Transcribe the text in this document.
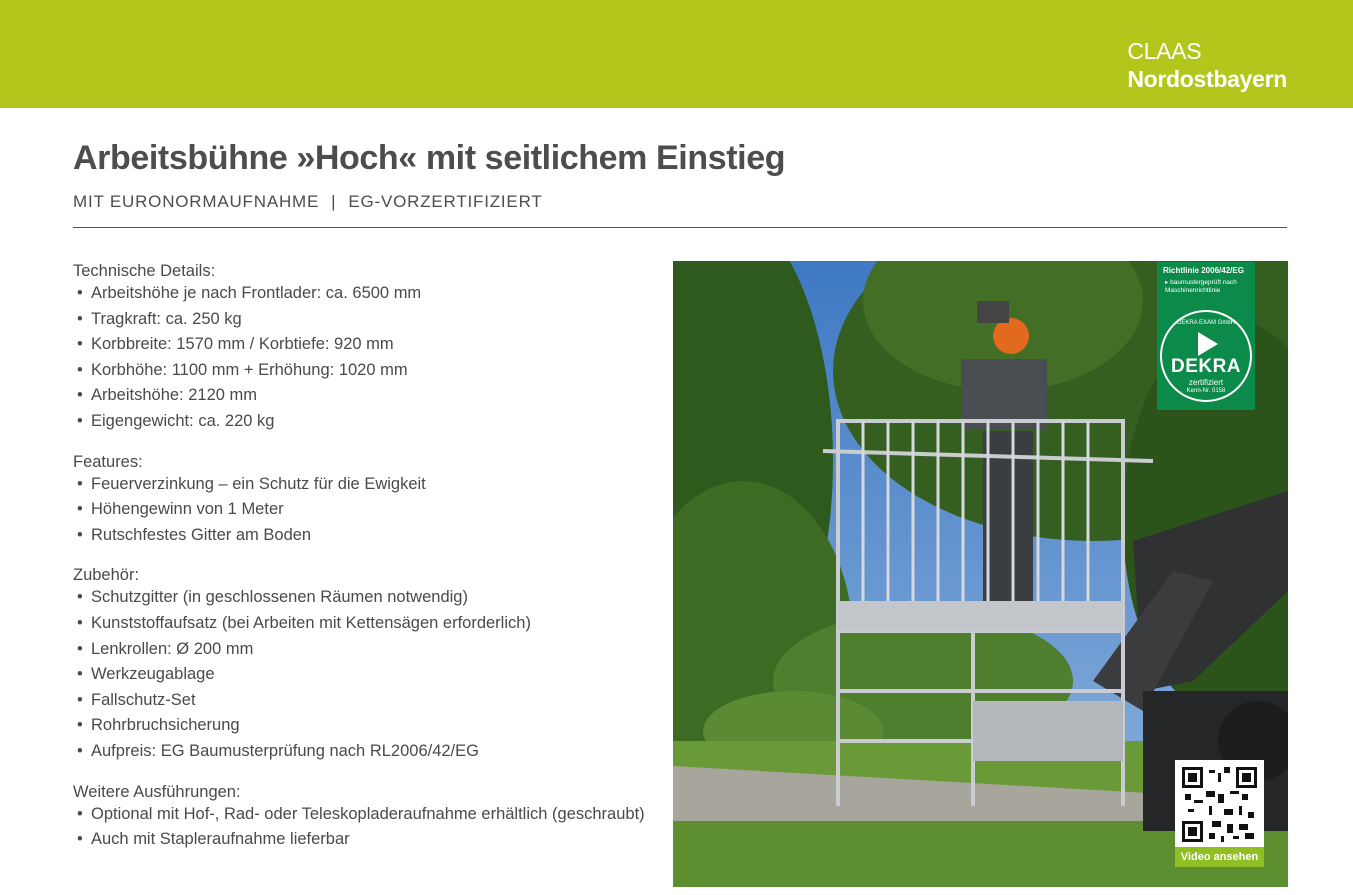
CLAAS
Nordostbayern
Arbeitsbühne »Hoch« mit seitlichem Einstieg
MIT EURONORMAUFNAHME | EG-VORZERTIFIZIERT
Technische Details:
• Arbeitshöhe je nach Frontlader: ca. 6500 mm
• Tragkraft: ca. 250 kg
• Korbbreite: 1570 mm / Korbtiefe: 920 mm
• Korbhöhe: 1100 mm + Erhöhung: 1020 mm
• Arbeitshöhe: 2120 mm
• Eigengewicht: ca. 220 kg
Features:
• Feuerverzinkung – ein Schutz für die Ewigkeit
• Höhengewinn von 1 Meter
• Rutschfestes Gitter am Boden
Zubehör:
• Schutzgitter (in geschlossenen Räumen notwendig)
• Kunststoffaufsatz (bei Arbeiten mit Kettensägen erforderlich)
• Lenkrollen: Ø 200 mm
• Werkzeugablage
• Fallschutz-Set
• Rohrbruchsicherung
• Aufpreis: EG Baumusterprüfung nach RL2006/42/EG
Weitere Ausführungen:
• Optional mit Hof-, Rad- oder Teleskopladeraufnahme erhältlich (geschraubt)
• Auch mit Stapleraufnahme lieferbar
Richtlinie 2006/42/EG
▸ baumustergeprüft nach Maschinenrichtlinie
DEKRA EXAM GmbH
DEKRA
zertifiziert
Kenn-Nr. 0158
Video ansehen
